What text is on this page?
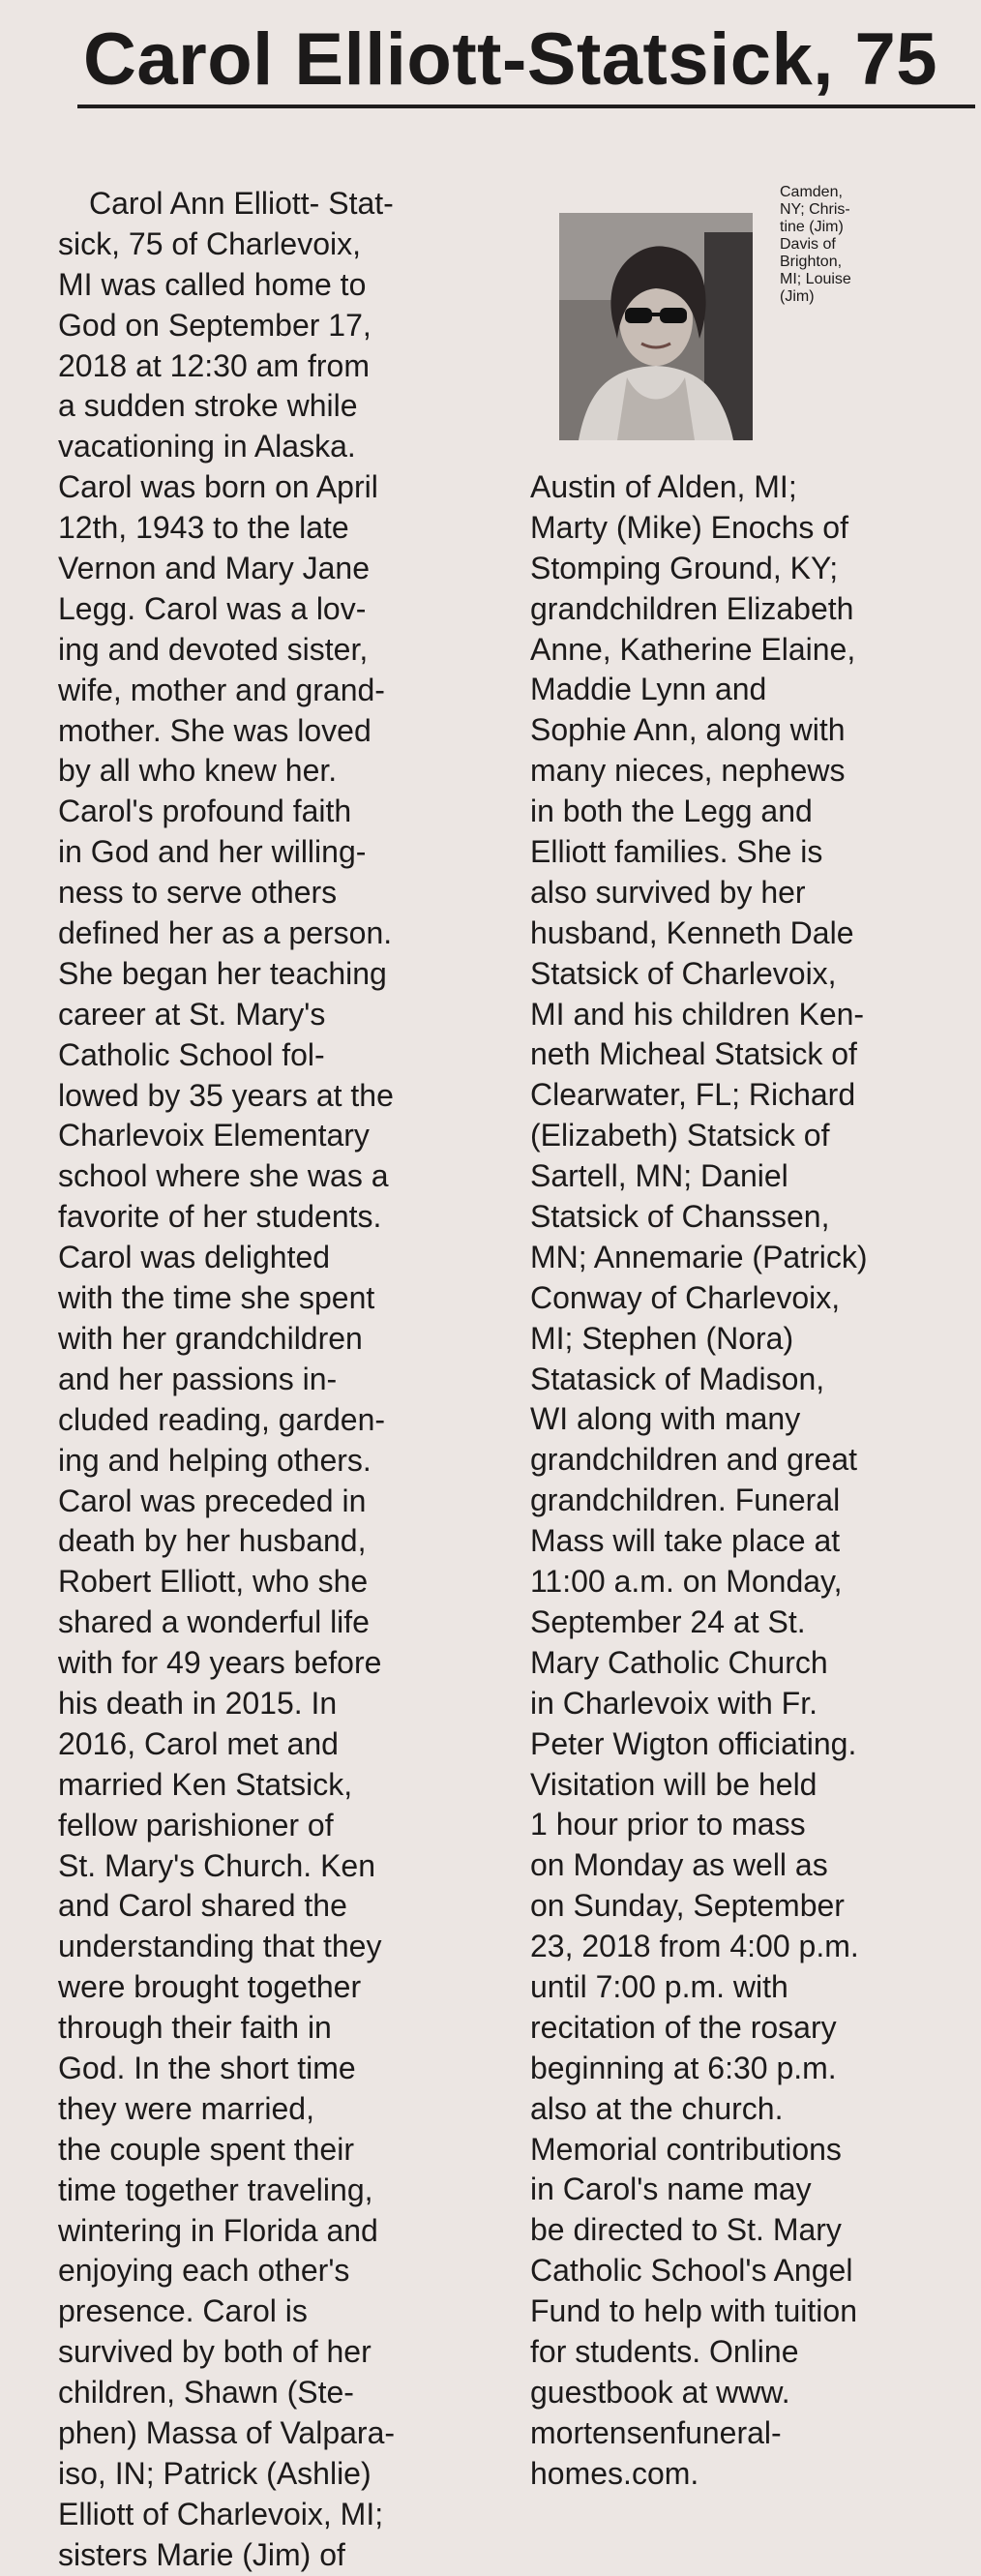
Carol Elliott-Statsick, 75
Carol Ann Elliott- Stat-
sick, 75 of Charlevoix,
MI was called home to
God on September 17,
2018 at 12:30 am from
a sudden stroke while
vacationing in Alaska.
Carol was born on April
12th, 1943 to the late
Vernon and Mary Jane
Legg. Carol was a lov-
ing and devoted sister,
wife, mother and grand-
mother. She was loved
by all who knew her.
Carol's profound faith
in God and her willing-
ness to serve others
defined her as a person.
She began her teaching
career at St. Mary's
Catholic School fol-
lowed by 35 years at the
Charlevoix Elementary
school where she was a
favorite of her students.
Carol was delighted
with the time she spent
with her grandchildren
and her passions in-
cluded reading, garden-
ing and helping others.
Carol was preceded in
death by her husband,
Robert Elliott, who she
shared a wonderful life
with for 49 years before
his death in 2015. In
2016, Carol met and
married Ken Statsick,
fellow parishioner of
St. Mary's Church. Ken
and Carol shared the
understanding that they
were brought together
through their faith in
God. In the short time
they were married,
the couple spent their
time together traveling,
wintering in Florida and
enjoying each other's
presence. Carol is
survived by both of her
children, Shawn (Ste-
phen) Massa of Valpara-
iso, IN; Patrick (Ashlie)
Elliott of Charlevoix, MI;
sisters Marie (Jim) of
Camden,
NY; Chris-
tine (Jim)
Davis of
Brighton,
MI; Louise
(Jim)
Austin of Alden, MI;
Marty (Mike) Enochs of
Stomping Ground, KY;
grandchildren Elizabeth
Anne, Katherine Elaine,
Maddie Lynn and
Sophie Ann, along with
many nieces, nephews
in both the Legg and
Elliott families. She is
also survived by her
husband, Kenneth Dale
Statsick of Charlevoix,
MI and his children Ken-
neth Micheal Statsick of
Clearwater, FL; Richard
(Elizabeth) Statsick of
Sartell, MN; Daniel
Statsick of Chanssen,
MN; Annemarie (Patrick)
Conway of Charlevoix,
MI; Stephen (Nora)
Statasick of Madison,
WI along with many
grandchildren and great
grandchildren. Funeral
Mass will take place at
11:00 a.m. on Monday,
September 24 at St.
Mary Catholic Church
in Charlevoix with Fr.
Peter Wigton officiating.
Visitation will be held
1 hour prior to mass
on Monday as well as
on Sunday, September
23, 2018 from 4:00 p.m.
until 7:00 p.m. with
recitation of the rosary
beginning at 6:30 p.m.
also at the church.
Memorial contributions
in Carol's name may
be directed to St. Mary
Catholic School's Angel
Fund to help with tuition
for students. Online
guestbook at www.
mortensenfuneral-
homes.com.
